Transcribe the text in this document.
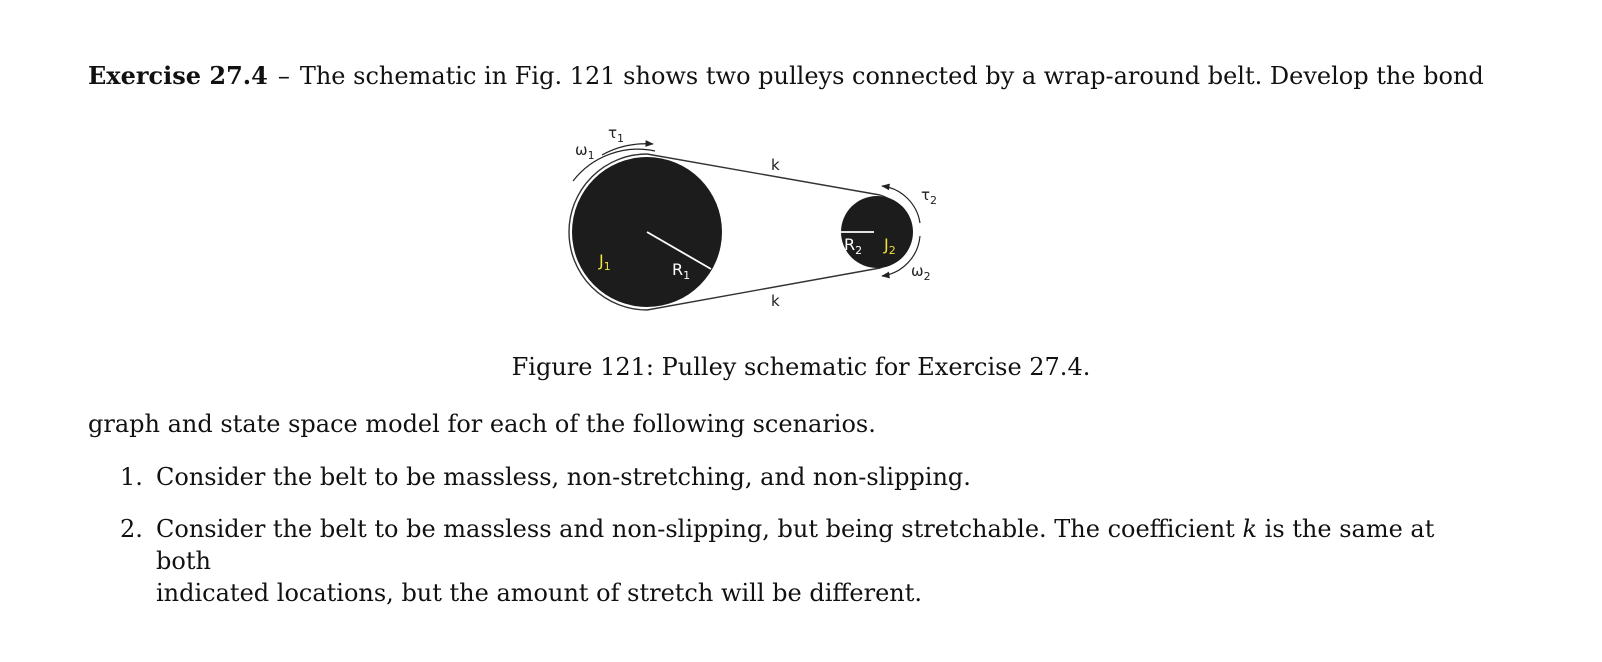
Exercise 27.4 – The schematic in Fig. 121 shows two pulleys connected by a wrap-around belt. Develop the bond
$\omega_1$
$\tau_1$
k
k
$\tau_2$
$\omega_2$
$J_1$	$R_1$
$R_2$ $J_2$
Figure 121: Pulley schematic for Exercise 27.4.
graph and state space model for each of the following scenarios.
1. Consider the belt to be massless, non-stretching, and non-slipping.
2. Consider the belt to be massless and non-slipping, but being stretchable. The coefficient k is the same at both
indicated locations, but the amount of stretch will be different.
